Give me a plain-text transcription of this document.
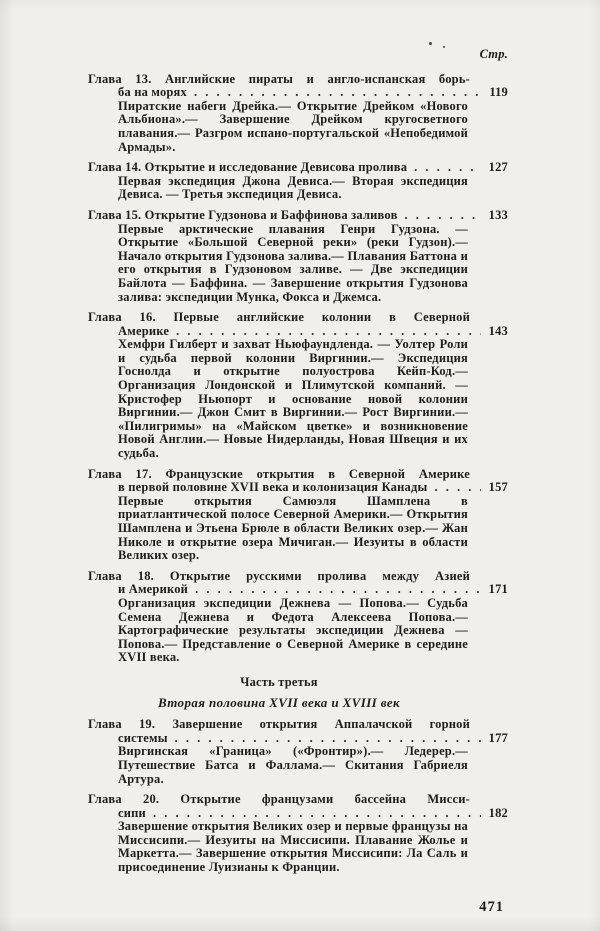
Стр.
Глава 13. Английские пираты и англо-испанская борь-
ба на морях . . .	119
Пиратские набеги Дрейка.— Открытие Дрейком «Нового Альбиона».— Завершение Дрейком кругосветного плавания.— Разгром испано-португальской «Непобедимой Армады».
Глава 14. Открытие и исследование Девисова пролива . . .	127
Первая экспедиция Джона Девиса.— Вторая экспедиция Девиса. — Третья экспедиция Девиса.
Глава 15. Открытие Гудзонова и Баффинова заливов . . .	133
Первые арктические плавания Генри Гудзона. — Открытие «Большой Северной реки» (реки Гудзон).— Начало открытия Гудзонова залива.— Плавания Баттона и его открытия в Гудзоновом заливе. — Две экспедиции Байлота — Баффина. — Завершение открытия Гудзонова залива: экспедиции Мунка, Фокса и Джемса.
Глава 16. Первые английские колонии в Северной
Америке . . .	143
Хемфри Гилберт и захват Ньюфаундленда. — Уолтер Роли и судьба первой колонии Виргинии.— Экспедиция Госнолда и открытие полуострова Кейп-Код.— Организация Лондонской и Плимутской компаний. — Кристофер Ньюпорт и основание новой колонии Виргинии.— Джон Смит в Виргинии.— Рост Виргинии.— «Пилигримы» на «Майском цветке» и возникновение Новой Англии.— Новые Нидерланды, Новая Швеция и их судьба.
Глава 17. Французские открытия в Северной Америке
в первой половине XVII века и колонизация Канады . . .	157
Первые открытия Самюэля Шамплена в приатлантической полосе Северной Америки.— Открытия Шамплена и Этьена Брюле в области Великих озер.— Жан Николе и открытие озера Мичиган.— Иезуиты в области Великих озер.
Глава 18. Открытие русскими пролива между Азией
и Америкой . . .	171
Организация экспедиции Дежнева — Попова.— Судьба Семена Дежнева и Федота Алексеева Попова.— Картографические результаты экспедиции Дежнева — Попова.— Представление о Северной Америке в середине XVII века.
Часть третья
Вторая половина XVII века и XVIII век
Глава 19. Завершение открытия Аппалачской горной
системы . . .	177
Виргинская «Граница» («Фронтир»).— Ледерер.— Путешествие Батса и Фаллама.— Скитания Габриеля Артура.
Глава 20. Открытие французами бассейна Мисси-
сипи . . .	182
Завершение открытия Великих озер и первые французы на Миссисипи.— Иезуиты на Миссисипи. Плавание Жолье и Маркетта.— Завершение открытия Миссисипи: Ла Саль и присоединение Луизианы к Франции.
471
